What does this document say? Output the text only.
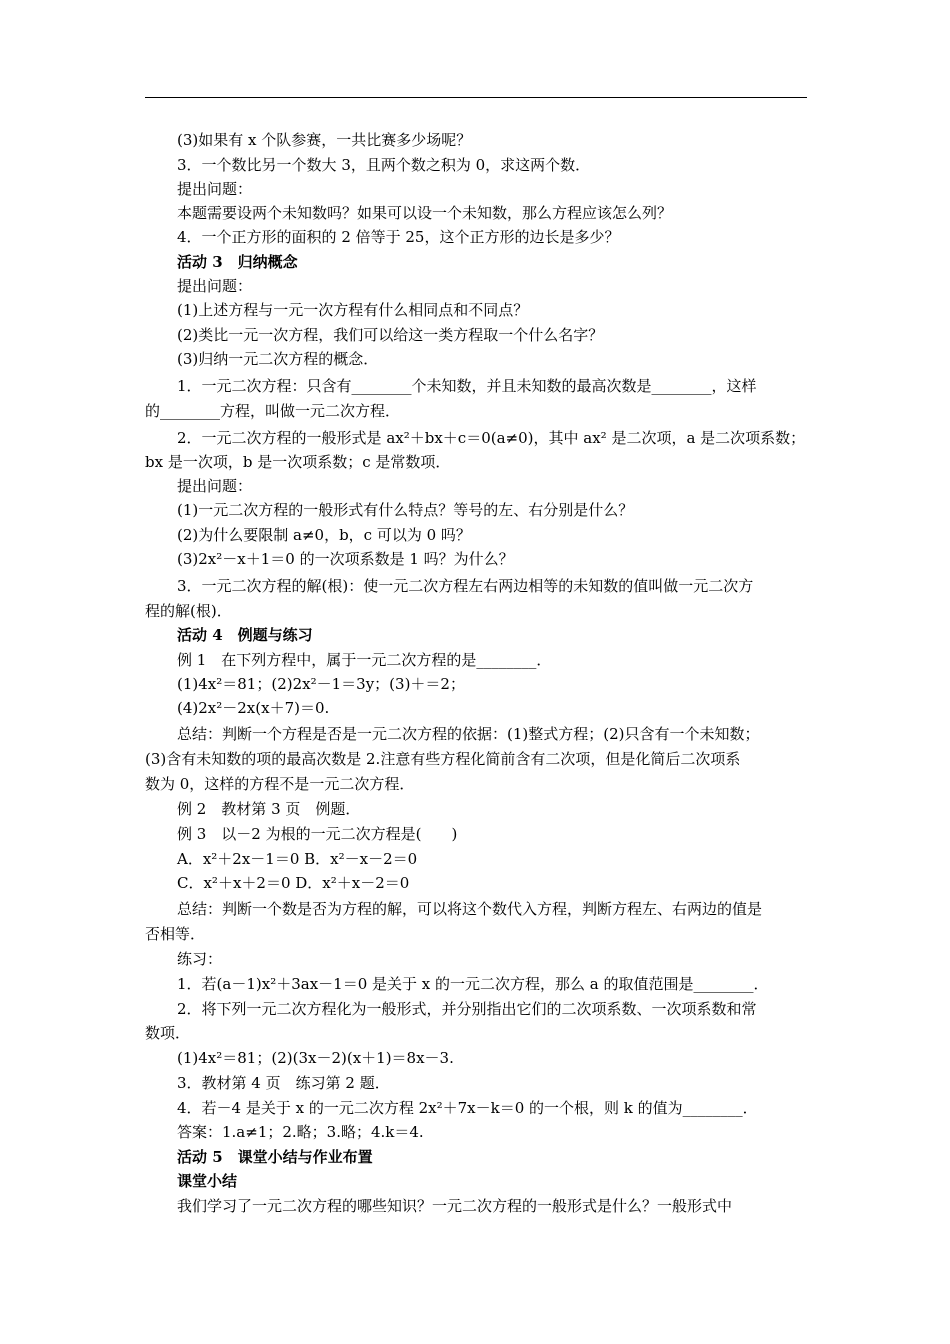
(3)如果有 x 个队参赛，一共比赛多少场呢？
3．一个数比另一个数大 3，且两个数之积为 0，求这两个数．
提出问题：
本题需要设两个未知数吗？如果可以设一个未知数，那么方程应该怎么列？
4．一个正方形的面积的 2 倍等于 25，这个正方形的边长是多少？
活动 3　归纳概念
提出问题：
(1)上述方程与一元一次方程有什么相同点和不同点？
(2)类比一元一次方程，我们可以给这一类方程取一个什么名字？
(3)归纳一元二次方程的概念．
1．一元二次方程：只含有________个未知数，并且未知数的最高次数是________，这样
的________方程，叫做一元二次方程．
2．一元二次方程的一般形式是 ax²＋bx＋c＝0(a≠0)，其中 ax² 是二次项，a 是二次项系数；
bx 是一次项，b 是一次项系数；c 是常数项．
提出问题：
(1)一元二次方程的一般形式有什么特点？等号的左、右分别是什么？
(2)为什么要限制 a≠0，b，c 可以为 0 吗？
(3)2x²－x＋1＝0 的一次项系数是 1 吗？为什么？
3．一元二次方程的解(根)：使一元二次方程左右两边相等的未知数的值叫做一元二次方
程的解(根)．
活动 4　例题与练习
例 1　在下列方程中，属于一元二次方程的是________．
(1)4x²＝81；(2)2x²－1＝3y；(3)＋＝2；
(4)2x²－2x(x＋7)＝0.
总结：判断一个方程是否是一元二次方程的依据：(1)整式方程；(2)只含有一个未知数；
(3)含有未知数的项的最高次数是 2.注意有些方程化简前含有二次项，但是化简后二次项系
数为 0，这样的方程不是一元二次方程．
例 2　教材第 3 页　例题．
例 3　以－2 为根的一元二次方程是(　　)
A．x²＋2x－1＝0 B．x²－x－2＝0
C．x²＋x＋2＝0 D．x²＋x－2＝0
总结：判断一个数是否为方程的解，可以将这个数代入方程，判断方程左、右两边的值是
否相等．
练习：
1．若(a－1)x²＋3ax－1＝0 是关于 x 的一元二次方程，那么 a 的取值范围是________．
2．将下列一元二次方程化为一般形式，并分别指出它们的二次项系数、一次项系数和常
数项．
(1)4x²＝81；(2)(3x－2)(x＋1)＝8x－3.
3．教材第 4 页　练习第 2 题．
4．若－4 是关于 x 的一元二次方程 2x²＋7x－k＝0 的一个根，则 k 的值为________．
答案：1.a≠1；2.略；3.略；4.k＝4.
活动 5　课堂小结与作业布置
课堂小结
我们学习了一元二次方程的哪些知识？一元二次方程的一般形式是什么？一般形式中
